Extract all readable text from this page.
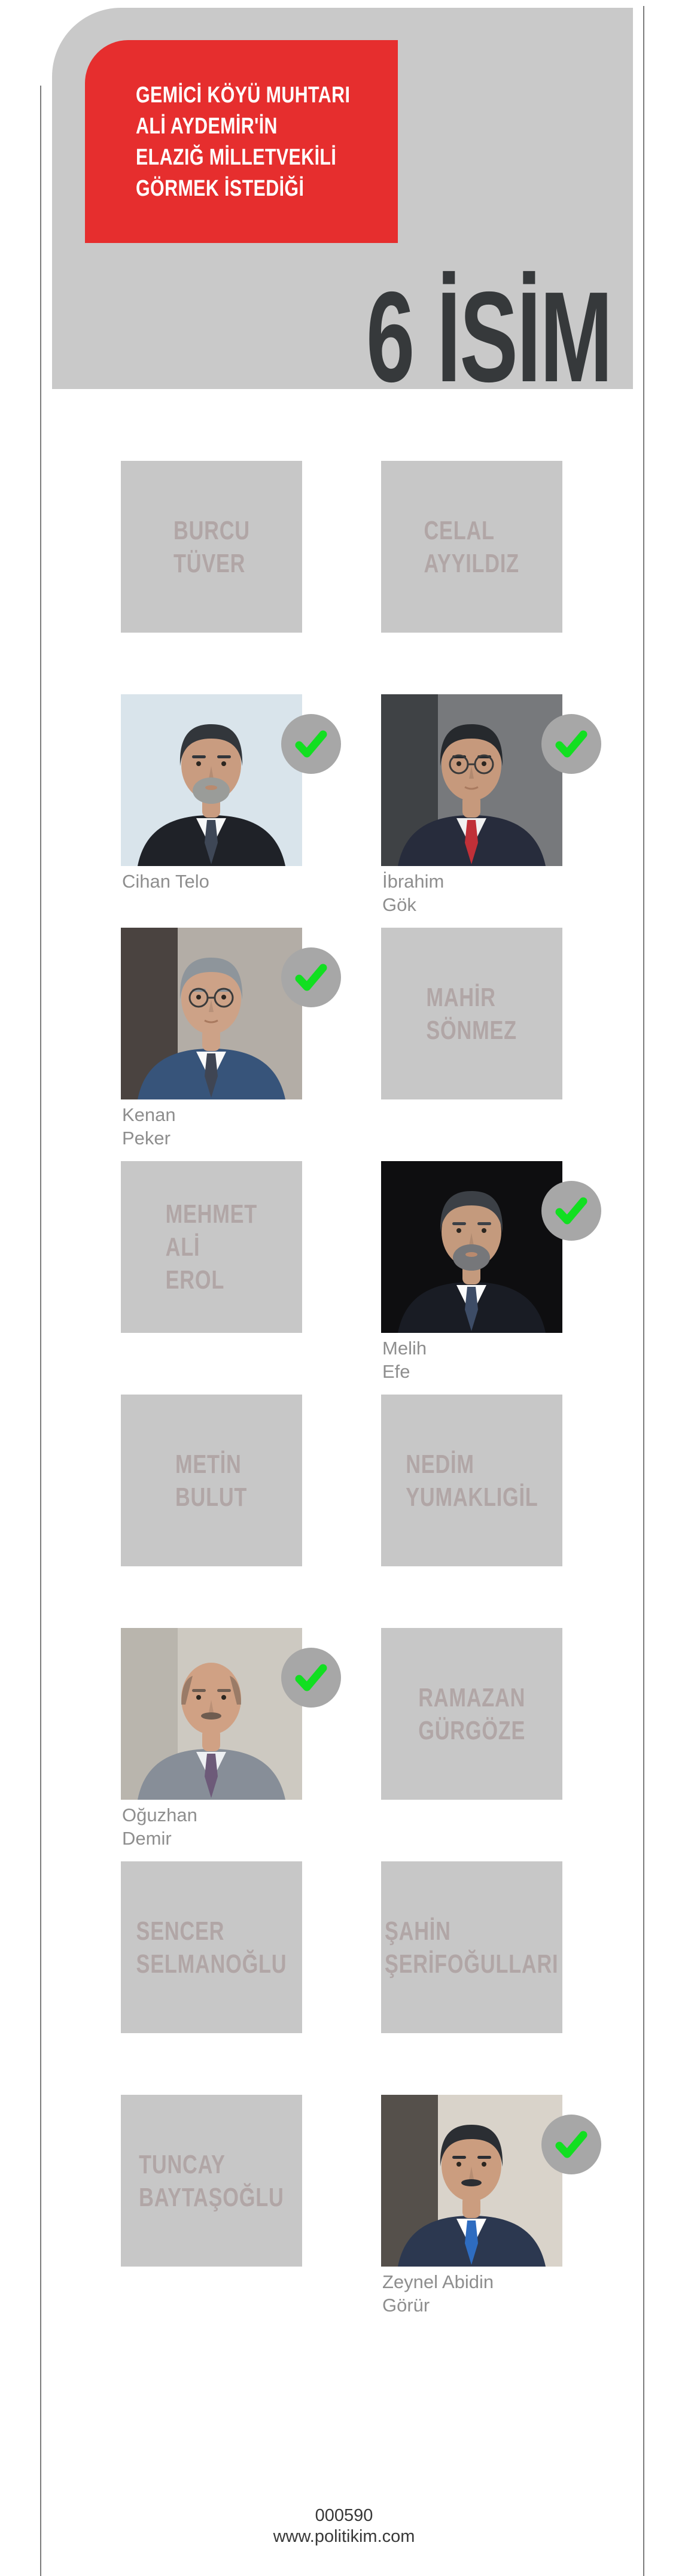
GEMİCİ KÖYÜ MUHTARI
ALİ AYDEMİR'İN
ELAZIĞ MİLLETVEKİLİ
GÖRMEK İSTEDİĞİ
6 İSİM
BURCU
TÜVER
CELAL
AYYILDIZ
Cihan Telo	İbrahim
Gök
Kenan
Peker
MAHİR
SÖNMEZ
MEHMET
ALİ
EROL
Melih
Efe
METİN
BULUT
NEDİM
YUMAKLIGİL
Oğuzhan
Demir
RAMAZAN
GÜRGÖZE
SENCER
SELMANOĞLU
ŞAHİN
ŞERİFOĞULLARI
TUNCAY
BAYTAŞOĞLU
Zeynel Abidin
Görür
000590
www.politikim.com
